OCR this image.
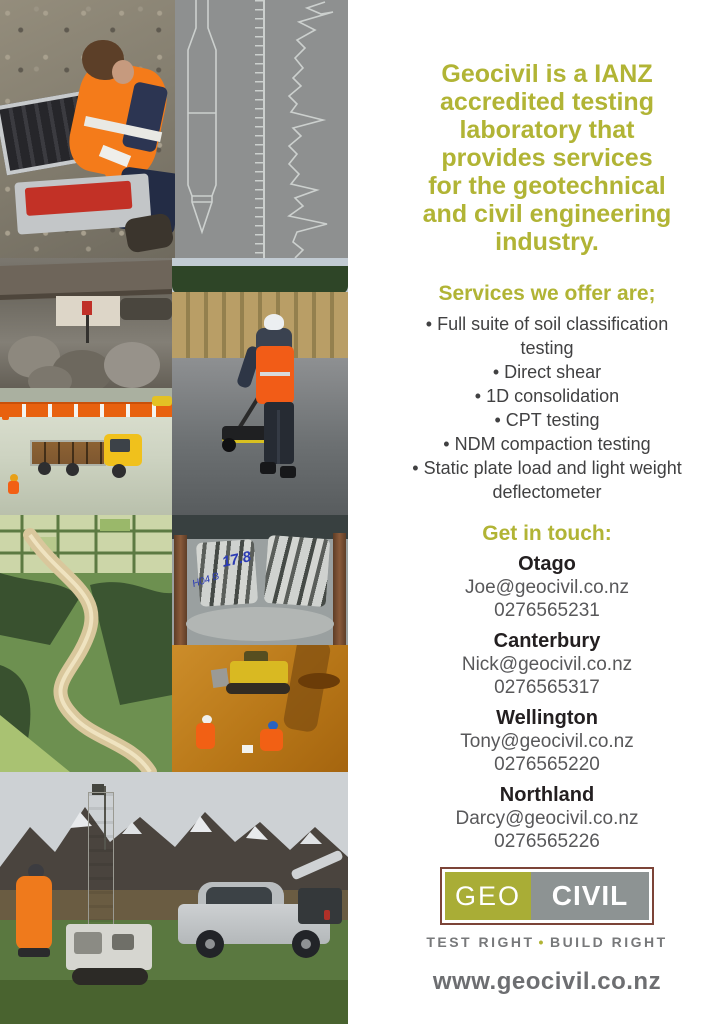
17.8
H04 B
Geocivil is a IANZ
accredited testing
laboratory that
provides services
for the geotechnical
and civil engineering
industry.
Services we offer are;
• Full suite of soil classification testing
• Direct shear
• 1D consolidation
• CPT testing
• NDM compaction testing
• Static plate load and light weight deflectometer
Get in touch:
Otago
Joe@geocivil.co.nz
0276565231
Canterbury
Nick@geocivil.co.nz
0276565317
Wellington
Tony@geocivil.co.nz
0276565220
Northland
Darcy@geocivil.co.nz
0276565226
GEO	CIVIL
TEST RIGHT • BUILD RIGHT
www.geocivil.co.nz
